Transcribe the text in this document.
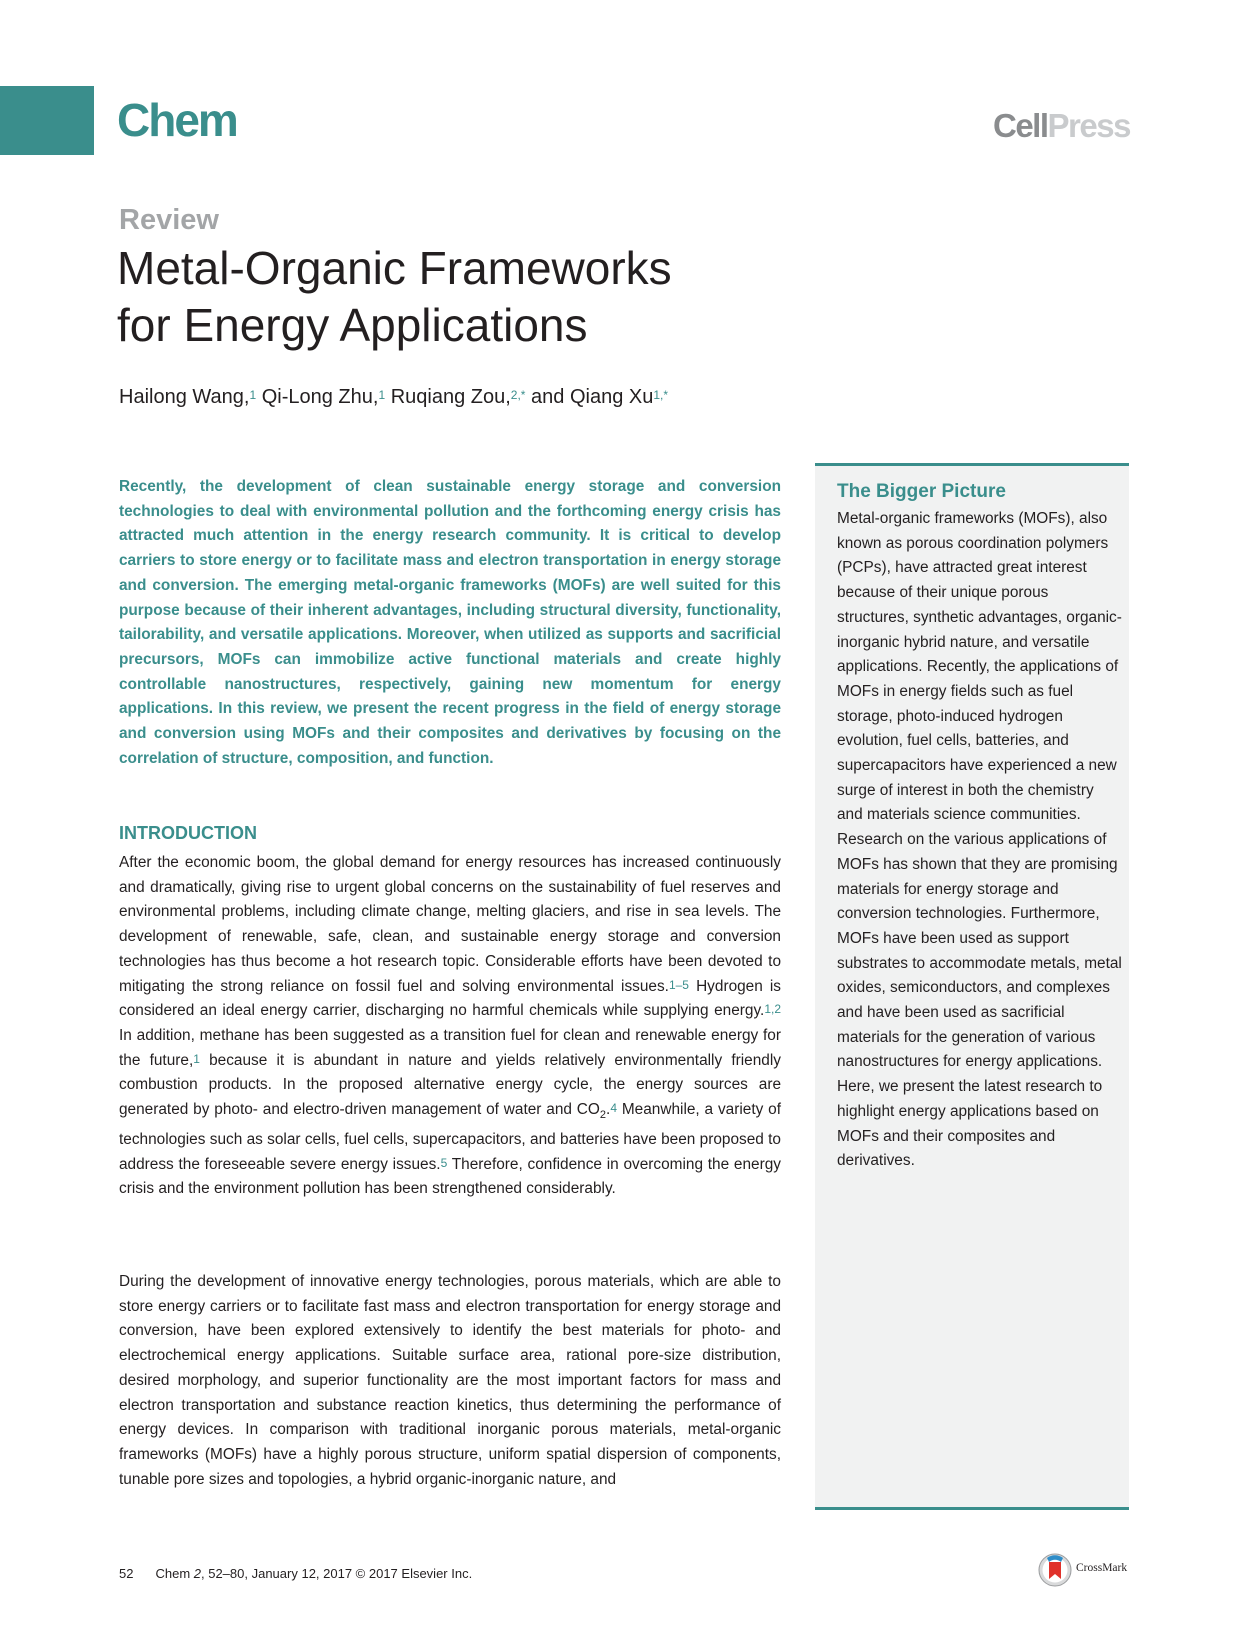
Chem	CellPress
Review
Metal-Organic Frameworks
for Energy Applications
Hailong Wang,$^1$ Qi-Long Zhu,$^1$ Ruqiang Zou,$^{2,*}$ and Qiang $Xu^{1,*}$

Recently, the development of clean sustainable energy storage and conversion technologies to deal with environmental pollution and the forthcoming energy crisis has attracted much attention in the energy research community. It is critical to develop carriers to store energy or to facilitate mass and electron transportation in energy storage and conversion. The emerging metal-organic frameworks (MOFs) are well suited for this purpose because of their inherent advantages, including structural diversity, functionality, tailorability, and versatile applications. Moreover, when utilized as supports and sacrificial precursors, MOFs can immobilize active functional materials and create highly controllable nanostructures, respectively, gaining new momentum for energy applications. In this review, we present the recent progress in the field of energy storage and conversion using MOFs and their composites and derivatives by focusing on the correlation of structure, composition, and function.

INTRODUCTION

After the economic boom, the global demand for energy resources has increased continuously and dramatically, giving rise to urgent global concerns on the sustainability of fuel reserves and environmental problems, including climate change, melting glaciers, and rise in sea levels. The development of renewable, safe, clean, and sustainable energy storage and conversion technologies has thus become a hot research topic. Considerable efforts have been devoted to mitigating the strong reliance on fossil fuel and solving environmental issues.$^{1-5}$ Hydrogen is considered an ideal energy carrier, discharging no harmful chemicals while supplying energy.$^{1,2}$ In addition, methane has been suggested as a transition fuel for clean and renewable energy for the future,$^1$ because it is abundant in nature and yields relatively environmentally friendly combustion products. In the proposed alternative energy cycle, the energy sources are generated by photo- and electro-driven management of water and $CO_2.^4$ Meanwhile, a variety of technologies such as solar cells, fuel cells, supercapacitors, and batteries have been proposed to address the foreseeable severe energy issues.$^5$ Therefore, confidence in overcoming the energy crisis and the environment pollution has been strengthened considerably.

During the development of innovative energy technologies, porous materials, which are able to store energy carriers or to facilitate fast mass and electron transportation for energy storage and conversion, have been explored extensively to identify the best materials for photo- and electrochemical energy applications. Suitable surface area, rational pore-size distribution, desired morphology, and superior functionality are the most important factors for mass and electron transportation and substance reaction kinetics, thus determining the performance of energy devices. In comparison with traditional inorganic porous materials, metal-organic frameworks (MOFs) have a highly porous structure, uniform spatial dispersion of components, tunable pore sizes and topologies, a hybrid organic-inorganic nature, and

The Bigger Picture

Metal-organic frameworks (MOFs), also known as porous coordination polymers (PCPs), have attracted great interest because of their unique porous structures, synthetic advantages, organic-inorganic hybrid nature, and versatile applications. Recently, the applications of MOFs in energy fields such as fuel storage, photo-induced hydrogen evolution, fuel cells, batteries, and supercapacitors have experienced a new surge of interest in both the chemistry and materials science communities. Research on the various applications of MOFs has shown that they are promising materials for energy storage and conversion technologies. Furthermore, MOFs have been used as support substrates to accommodate metals, metal oxides, semiconductors, and complexes and have been used as sacrificial materials for the generation of various nanostructures for energy applications. Here, we present the latest research to highlight energy applications based on MOFs and their composites and derivatives.

52 Chem 2, 52–80, January 12, 2017 © 2017 Elsevier Inc.	CrossMark
